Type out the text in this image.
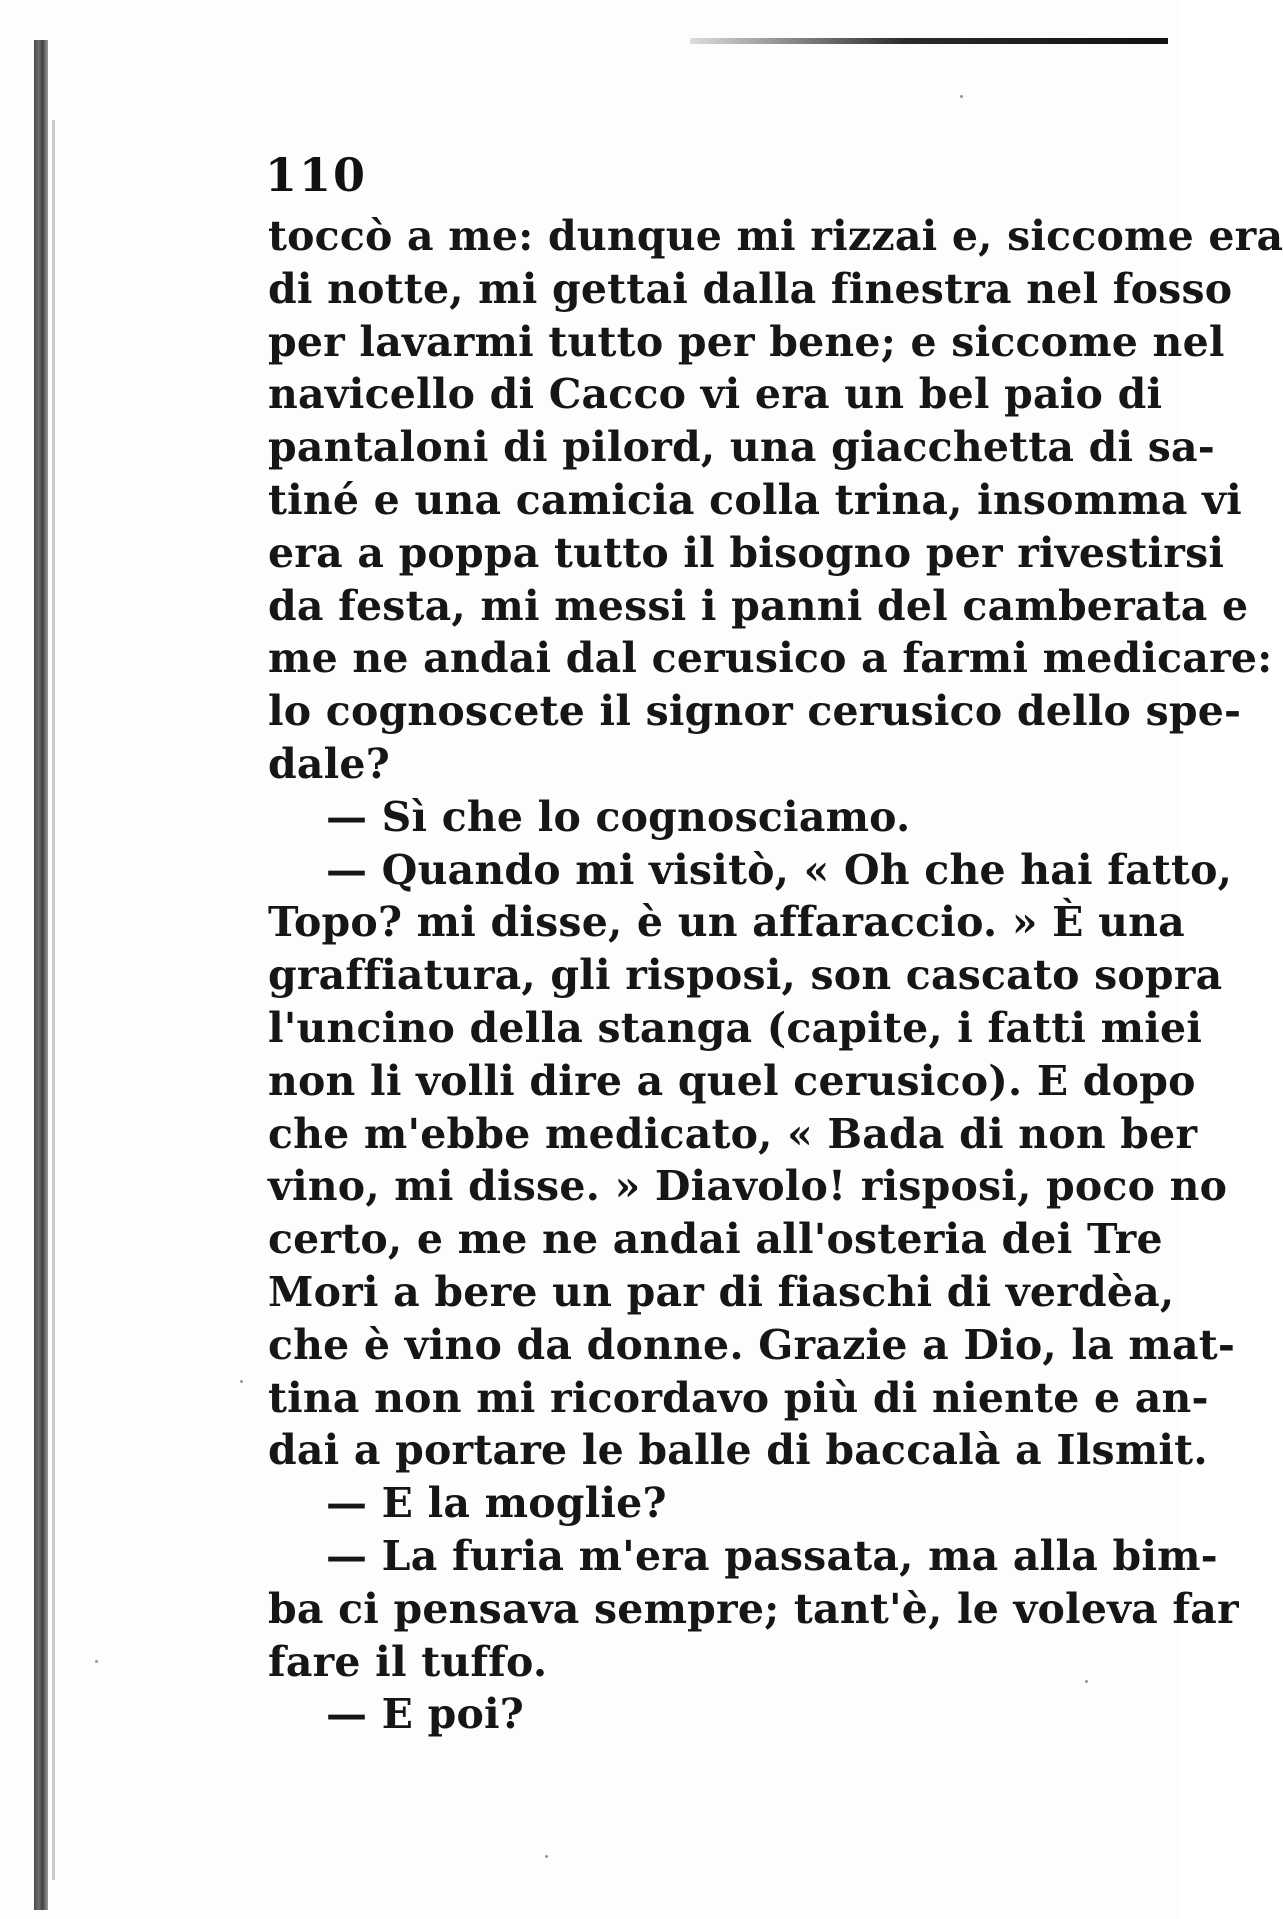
110
toccò a me: dunque mi rizzai e, siccome era
di notte, mi gettai dalla finestra nel fosso
per lavarmi tutto per bene; e siccome nel
navicello di Cacco vi era un bel paio di
pantaloni di pilord, una giacchetta di sa-
tiné e una camicia colla trina, insomma vi
era a poppa tutto il bisogno per rivestirsi
da festa, mi messi i panni del camberata e
me ne andai dal cerusico a farmi medicare:
lo cognoscete il signor cerusico dello spe-
dale?
— Sì che lo cognosciamo.
— Quando mi visitò, « Oh che hai fatto,
Topo? mi disse, è un affaraccio. » È una
graffiatura, gli risposi, son cascato sopra
l'uncino della stanga (capite, i fatti miei
non li volli dire a quel cerusico). E dopo
che m'ebbe medicato, « Bada di non ber
vino, mi disse. » Diavolo! risposi, poco no
certo, e me ne andai all'osteria dei Tre
Mori a bere un par di fiaschi di verdèa,
che è vino da donne. Grazie a Dio, la mat-
tina non mi ricordavo più di niente e an-
dai a portare le balle di baccalà a Ilsmit.
— E la moglie?
— La furia m'era passata, ma alla bim-
ba ci pensava sempre; tant'è, le voleva far
fare il tuffo.
— E poi?
